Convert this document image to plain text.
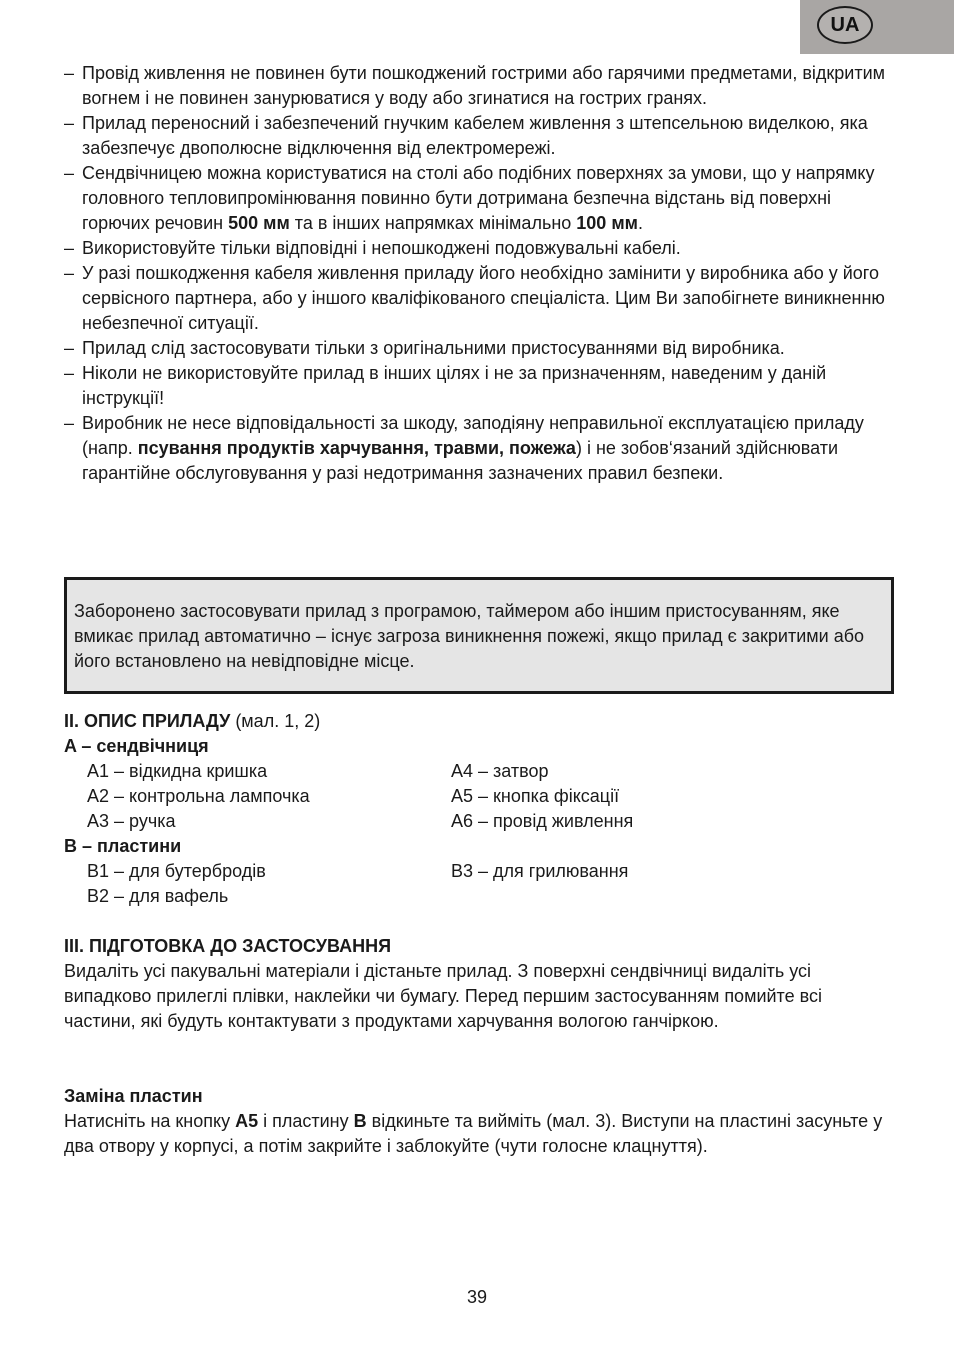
UA
– Провід живлення не повинен бути пошкоджений гострими або гарячими предметами, відкритим вогнем і не повинен занурюватися у воду або згинатися на гострих гранях.
– Прилад переносний і забезпечений гнучким кабелем живлення з штепсельною виделкою, яка забезпечує двополюсне відключення від електромережі.
– Сендвічницею можна користуватися на столі або подібних поверхнях за умови, що у напрямку головного тепловипромінювання повинно бути дотримана безпечна відстань від поверхні горючих речовин 500 мм та в інших напрямках мінімально 100 мм.
– Використовуйте тільки відповідні і непошкоджені подовжувальні кабелі.
– У разі пошкодження кабеля живлення приладу його необхідно замінити у виробника або у його сервісного партнера, або у іншого кваліфікованого спеціаліста. Цим Ви запобігнете виникненню небезпечної ситуації.
– Прилад слід застосовувати тільки з оригінальними пристосуваннями від виробника.
– Ніколи не використовуйте прилад в інших цілях і не за призначенням, наведеним у даній інструкції!
– Виробник не несе відповідальності за шкоду, заподіяну неправильної експлуатацією приладу (напр. псування продуктів харчування, травми, пожежа) і не зобов‘язаний здійснювати гарантійне обслуговування у разі недотримання зазначених правил безпеки.

Заборонено застосовувати прилад з програмою, таймером або іншим пристосуванням, яке вмикає прилад автоматично – існує загроза виникнення пожежі, якщо прилад є закритими або його встановлено на невідповідне місце.

II. ОПИС ПРИЛАДУ (мал. 1, 2)

A – сендвічниця

A1 – відкидна кришка	A4 – затвор
A2 – контрольна лампочка	A5 – кнопка фіксації
A3 – ручка	A6 – провід живлення

B – пластини

B1 – для бутербродів	B3 – для грилювання
B2 – для вафель

III. ПІДГОТОВКА ДО ЗАСТОСУВАННЯ

Видаліть усі пакувальні матеріали і дістаньте прилад. З поверхні сендвічниці видаліть усі випадково прилеглі плівки, наклейки чи бумагу. Перед першим застосуванням помийте всі частини, які будуть контактувати з продуктами харчування вологою ганчіркою.

Заміна пластин

Натисніть на кнопку A5 і пластину B відкиньте та вийміть (мал. 3). Виступи на пластині засуньте у два отвору у корпусі, а потім закрийте і заблокуйте (чути голосне клацнуття).

39
